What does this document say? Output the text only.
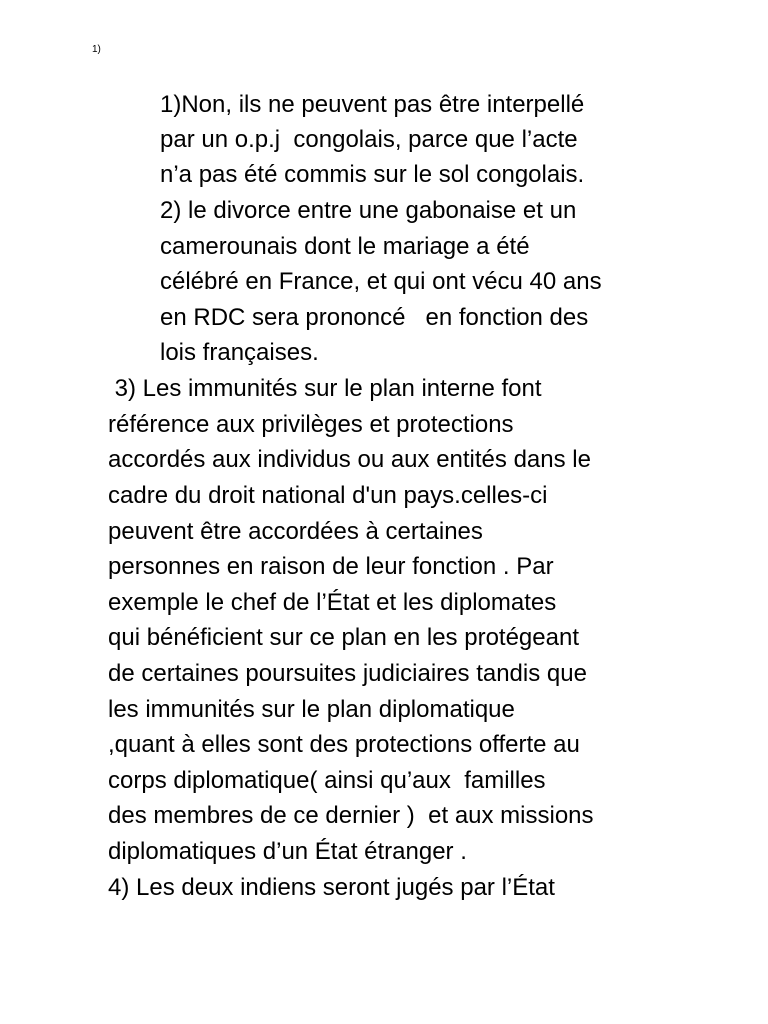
1)
1)Non, ils ne peuvent pas être interpellé
par un o.p.j  congolais, parce que l’acte
n’a pas été commis sur le sol congolais.
2) le divorce entre une gabonaise et un
camerounais dont le mariage a été
célébré en France, et qui ont vécu 40 ans
en RDC sera prononcé   en fonction des
lois françaises.
3) Les immunités sur le plan interne font
référence aux privilèges et protections
accordés aux individus ou aux entités dans le
cadre du droit national d'un pays.celles-ci
peuvent être accordées à certaines
personnes en raison de leur fonction . Par
exemple le chef de l’État et les diplomates
qui bénéficient sur ce plan en les protégeant
de certaines poursuites judiciaires tandis que
les immunités sur le plan diplomatique
,quant à elles sont des protections offerte au
corps diplomatique( ainsi qu’aux  familles
des membres de ce dernier )  et aux missions
diplomatiques d’un État étranger .
4) Les deux indiens seront jugés par l’État
